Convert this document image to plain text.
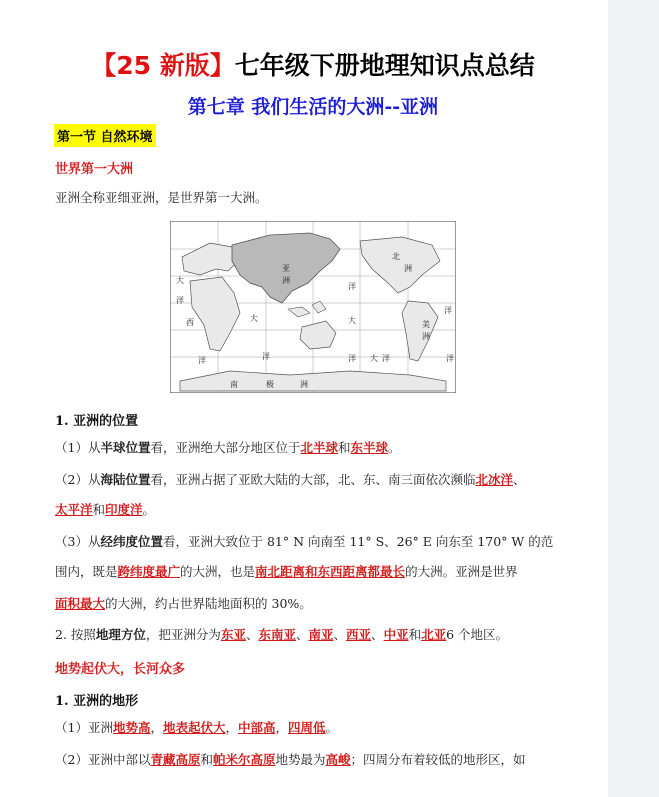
【25 新版】七年级下册地理知识点总结
第七章 我们生活的大洲--亚洲
第一节 自然环境
世界第一大洲
亚洲全称亚细亚洲，是世界第一大洲。
大
洋
大
西
洋
亚
洲
洋
洋
大
洋
北
洲
洋
南	极	洲
美
洲
洋
大 洋
1. 亚洲的位置
（1）从半球位置看，亚洲绝大部分地区位于北半球和东半球。
（2）从海陆位置看，亚洲占据了亚欧大陆的大部，北、东、南三面依次濒临北冰洋、
太平洋和印度洋。
（3）从经纬度位置看，亚洲大致位于 81° N 向南至 11° S、26° E 向东至 170° W 的范
围内，既是跨纬度最广的大洲，也是南北距离和东西距离都最长的大洲。亚洲是世界
面积最大的大洲，约占世界陆地面积的 30%。
2. 按照地理方位，把亚洲分为东亚、东南亚、南亚、西亚、中亚和北亚6 个地区。
地势起伏大，长河众多
1. 亚洲的地形
（1）亚洲地势高，地表起伏大，中部高，四周低。
（2）亚洲中部以青藏高原和帕米尔高原地势最为高峻；四周分布着较低的地形区，如
